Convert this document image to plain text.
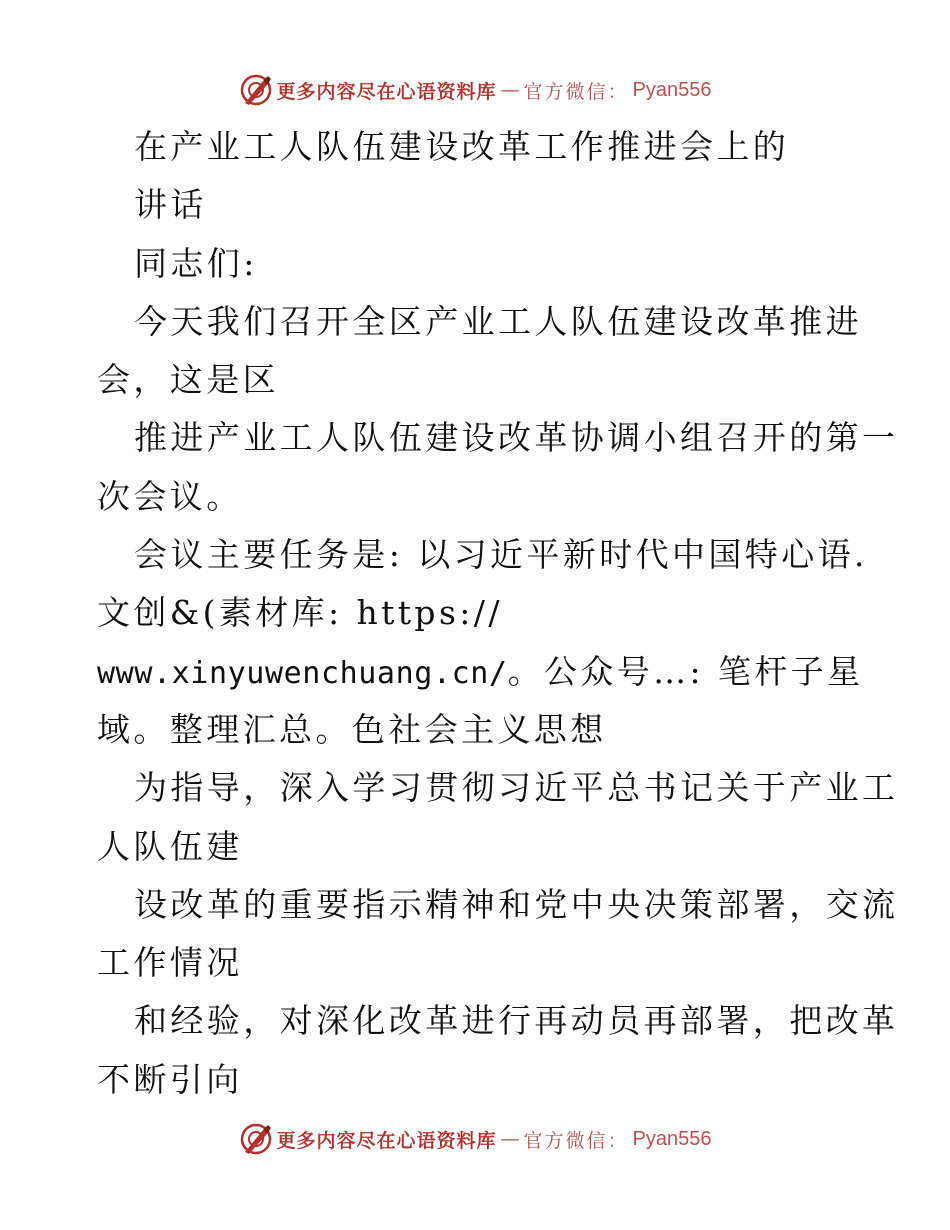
更多内容尽在心语资料库 — 官方微信： Pyan556
在产业工人队伍建设改革工作推进会上的
讲话
同志们:
今天我们召开全区产业工人队伍建设改革推进
会，这是区
推进产业工人队伍建设改革协调小组召开的第一
次会议。
会议主要任务是: 以习近平新时代中国特心语.
文创&(素材库: https://
www.xinyuwenchuang.cn/。公众号…: 笔杆子星
域。整理汇总。色社会主义思想
为指导，深入学习贯彻习近平总书记关于产业工
人队伍建
设改革的重要指示精神和党中央决策部署，交流
工作情况
和经验，对深化改革进行再动员再部署，把改革
不断引向
更多内容尽在心语资料库 — 官方微信： Pyan556
